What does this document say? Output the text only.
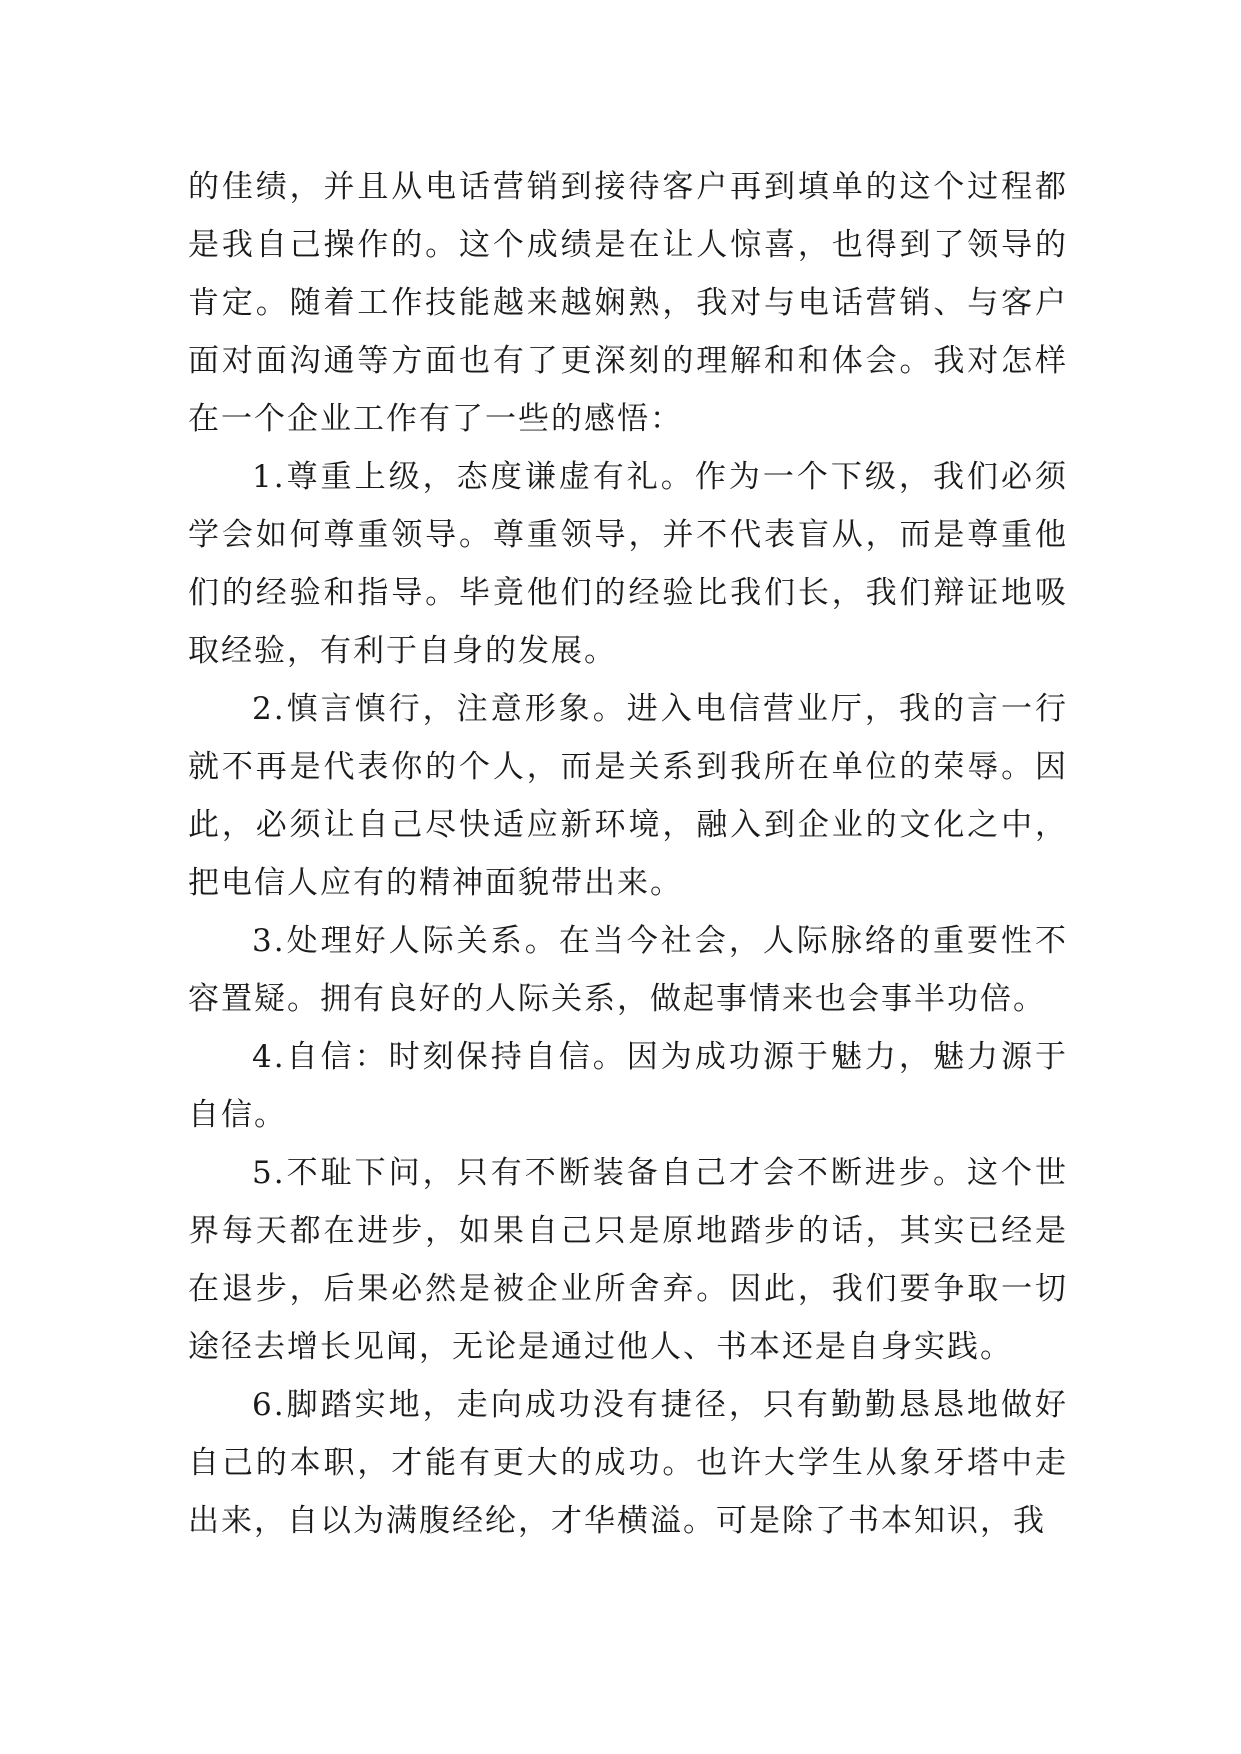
的佳绩，并且从电话营销到接待客户再到填单的这个过程都是我自己操作的。这个成绩是在让人惊喜，也得到了领导的肯定。随着工作技能越来越娴熟，我对与电话营销、与客户面对面沟通等方面也有了更深刻的理解和和体会。我对怎样在一个企业工作有了一些的感悟：

1.尊重上级，态度谦虚有礼。作为一个下级，我们必须学会如何尊重领导。尊重领导，并不代表盲从，而是尊重他们的经验和指导。毕竟他们的经验比我们长，我们辩证地吸取经验，有利于自身的发展。

2.慎言慎行，注意形象。进入电信营业厅，我的言一行就不再是代表你的个人，而是关系到我所在单位的荣辱。因此，必须让自己尽快适应新环境，融入到企业的文化之中，把电信人应有的精神面貌带出来。

3.处理好人际关系。在当今社会，人际脉络的重要性不容置疑。拥有良好的人际关系，做起事情来也会事半功倍。

4.自信：时刻保持自信。因为成功源于魅力，魅力源于自信。

5.不耻下问，只有不断装备自己才会不断进步。这个世界每天都在进步，如果自己只是原地踏步的话，其实已经是在退步，后果必然是被企业所舍弃。因此，我们要争取一切途径去增长见闻，无论是通过他人、书本还是自身实践。

6.脚踏实地，走向成功没有捷径，只有勤勤恳恳地做好自己的本职，才能有更大的成功。也许大学生从象牙塔中走出来，自以为满腹经纶，才华横溢。可是除了书本知识，我
